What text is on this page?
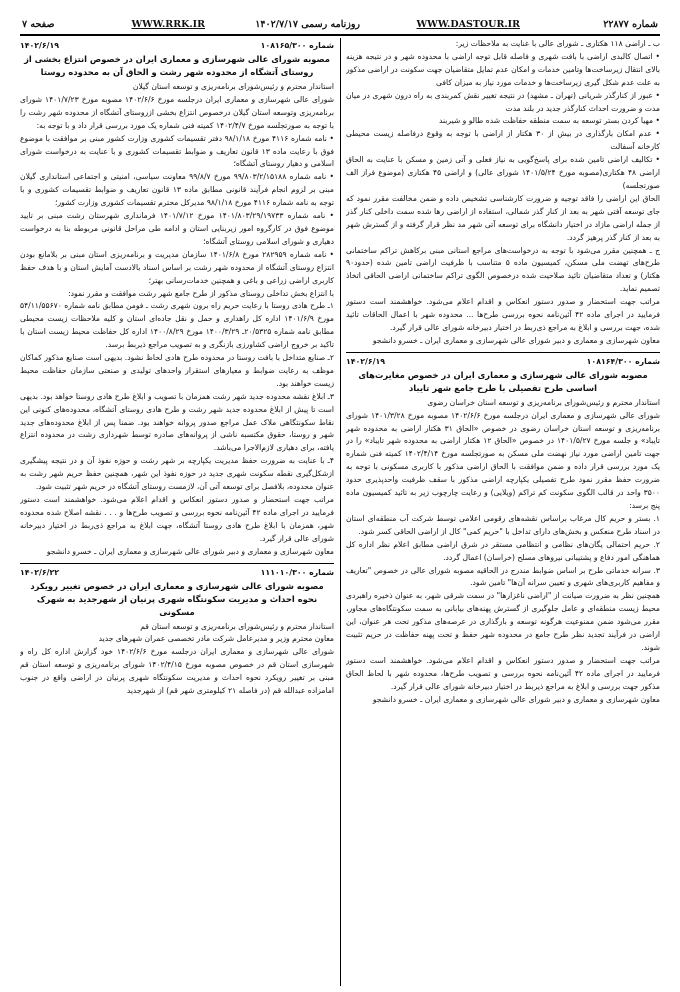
شماره ۲۲۸۷۷
WWW.DASTOUR.IR
روزنامه رسمی ۱۴۰۲/۷/۱۷
WWW.RRK.IR
صفحه ۷

ب ـ اراضی ۱۱۸ هکتاری ـ شورای عالی با عنایت به ملاحظات زیر:

• اتصال کالبدی اراضی با بافت شهری و فاصله قابل توجه اراضی با محدوده شهر و در نتیجه هزینه بالای انتقال زیرساخت‌ها وتامین خدمات و امکان عدم تمایل متقاضیان جهت سکونت در اراضی مذکور به علت عدم شکل گیری زیرساخت‌ها و خدمات مورد نیاز به میزان کافی

• عبور از کنارگذر شریانی (تهران ـ مشهد) در نتیجه تغییر نقش کمربندی به راه درون شهری در میان مدت و ضرورت احداث کنارگذر جدید در بلند مدت

• مهیا کردن بستر توسعه به سمت منطقه حفاظت شده طالو و شیربند

• عدم امکان بارگذاری در بیش از ۳۰ هکتار از اراضی با توجه به وقوع درفاصله زیست محیطی کارخانه آسفالت

• تکالیف اراضی تامین شده برای پاسخ‌گویی به نیاز فعلی و آتی زمین و مسکن با عنایت به الحاق اراضی ۴۸ هکتاری(مصوبه مورخ ۱۴۰۱/۵/۲۴ شورای عالی) و اراضی ۴۵ هکتاری (موضوع فراز الف صورتجلسه)

الحاق این اراضی را فاقد توجیه و ضرورت کارشناسی تشخیص داده و ضمن مخالفت مقرر نمود که جای توسعه آفتی شهر به بعد از کنار گذر شمالی، استفاده از اراضی رها شده سمت داخلی کنار گذر از جمله اراضی مازاد در اختیار دانشگاه برای توسعه آتی شهر مد نظر قرار گرفته و از گسترش شهر به بعد از کنار گذر پرهیز گردد.

ج ـ همچنین مقرر می‌شود با توجه به درخواست‌های مراجع استانی مبنی برکاهش تراکم ساختمانی طرح‌های تهضت ملی مسکن، کمیسیون ماده ۵ متناسب با ظرفیت اراضی تامین شده (حدود۹۰ هکتار) و تعداد متقاضیان تائید صلاحیت شده درخصوص الگوی تراکم ساختمانی اراضی الحاقی اتخاذ تصمیم نماید.

مراتب جهت استحضار و صدور دستور انعکاس و اقدام اعلام می‌شود. خواهشمند است دستور فرمایید در اجرای ماده ۴۲ آئین‌نامه نحوه بررسی طرح‌ها ... محدوده شهر با اعمال الحاقات تائید شده، جهت بررسی و ابلاغ به مراجع ذی‌ربط در اختیار دبیرخانه شورای عالی قرار گیرد.

معاون شهرسازی و معماری و دبیر شورای عالی شهرسازی و معماری ایران ـ خسرو دانشجو

شماره ۱۰۸۱۶۴/۳۰۰
۱۴۰۲/۶/۱۹
مصوبه شورای عالی شهرسازی و معماری ایران در خصوص مغایرت‌های اساسی طرح تفصیلی با طرح جامع شهر تایباد

استاندار محترم و رئیس‌شورای برنامه‌ریزی و توسعه استان خراسان رضوی

شورای عالی شهرسازی و معماری ایران درجلسه مورخ ۱۴۰۲/۶/۶ مصوبه مورخ ۱۴۰۱/۳/۲۸ شورای برنامه‌ریزی و توسعه استان خراسان رضوی در خصوص «الحاق ۳۱ هکتار اراضی به محدوده شهر تایباد» و جلسه مورخ ۱۴۰۱/۵/۲۷ در خصوص «الحاق ۱۲ هکتار اراضی به محدوده شهر تایباد» را در جهت تامین اراضی مورد نیاز نهضت ملی مسکن به صورتجلسه مورخ ۱۴۰۲/۴/۱۴ کمیته فنی شماره یک مورد بررسی قرار داده و ضمن موافقت با الحاق اراضی مذکور با کاربری مسکونی با توجه به ضرورت حفظ مقرر نمود طرح تفصیلی یکپارچه اراضی مذکور با سقف ظرفیت واحدپذیری حدود ۳۵۰۰ واحد در قالب الگوی سکونت کم تراکم (ویلایی) و رعایت چارچوب زیر به تائید کمیسیون ماده پنج برسد:

۱. بستر و حریم کال مرغاب براساس نقشه‌های رقومی اعلامی توسط شرکت آب منطقه‌ای استان در اسناد طرح منعکس و بخش‌های دارای تداخل با "حریم کمی" کال از اراضی الحاقی کسر شود.

۲. حریم احتمالی یگان‌های نظامی و انتظامی مستقر در شرق اراضی مطابق اعلام نظر اداره کل هماهنگی امور دفاع و پشتیبانی نیروهای مسلح (خراسان) اعمال گردد.

۳. سرانه خدماتی طرح بر اساس ضوابط مندرج در الحاقیه مصوبه شورای عالی در خصوص "تعاریف و مفاهیم کاربری‌های شهری و تعیین سرانه آن‌ها" تامین شود.

همچنین نظر به ضرورت صیانت از "اراضی ناغزارها" در سمت شرقی شهر، به عنوان ذخیره راهبردی محیط زیست منطقه‌ای و عامل جلوگیری از گسترش پهنه‌های بیابانی به سمت سکونتگاه‌های مجاور، مقرر می‌شود ضمن ممنوعیت هرگونه توسعه و بارگذاری در عرصه‌های مذکور تحت هر عنوان، این اراضی در فرآیند تجدید نظر طرح جامع در محدوده شهر حفظ و تحت پهنه حفاظت در حریم تثبیت شوند.

مراتب جهت استحضار و صدور دستور انعکاس و اقدام اعلام می‌شود. خواهشمند است دستور فرمایید در اجرای ماده ۴۲ آئین‌نامه نحوه بررسی و تصویب طرح‌ها، محدوده شهر با لحاظ الحاق مذکور جهت بررسی و ابلاغ به مراجع ذیربط در اختیار دبیرخانه شورای عالی قرار گیرد.

معاون شهرسازی و معماری و دبیر شورای عالی شهرسازی و معماری ایران ـ خسرو دانشجو

شماره ۱۰۸۱۶۵/۳۰۰
۱۴۰۲/۶/۱۹
مصوبه شورای عالی شهرسازی و معماری ایران در خصوص انتزاع بخشی از روستای آتشگاه از محدوده شهر رشت و الحاق آن به محدوده روستا

استاندار محترم و رئیس‌شورای برنامه‌ریزی و توسعه استان گیلان

شورای عالی شهرسازی و معماری ایران درجلسه مورخ ۱۴۰۲/۶/۶ مصوبه مورخ ۱۴۰۱/۷/۲۳ شورای برنامه‌ریزی وتوسعه استان گیلان درخصوص انتزاع بخشی ازروستای آتشگاه از محدوده شهر رشت را با توجه به صورتجلسه مورخ ۱۴۰۲/۴/۷ کمیته فنی شماره یک مورد بررسی قرار داد و با توجه به:

• نامه شماره ۴۱۱۶ مورخ ۹۸/۱/۱۸ دفتر تقسیمات کشوری وزارت کشور مبنی بر موافقت با موضوع فوق با رعایت ماده ۱۳ قانون تعاریف و ضوابط تقسیمات کشوری و با عنایت به درخواست شورای اسلامی و دهیار روستای آتشگاه؛

• نامه شماره ۹۹/۸۰۳/۲/۱۵۱۸۸ مورخ ۹۹/۸/۷ معاونت سیاسی، امنیتی و اجتماعی استانداری گیلان مبنی بر لزوم انجام فرآیند قانونی مطابق ماده ۱۳ قانون تعاریف و ضوابط تقسیمات کشوری و با توجه به نامه شماره ۴۱۱۶ مورخ ۹۸/۱/۱۸ مدیرکل محترم تقسیمات کشوری وزارت کشور؛

• نامه شماره ۱۴۰۱/۸۰۳/۲۹/۱۹۷۳۳ مورخ ۱۴۰۱/۷/۱۲ فرمانداری شهرستان رشت مبنی بر تایید موضوع فوق در کارگروه امور زیربنایی استان و ادامه طی مراحل قانونی مربوطه بنا به درخواست دهیاری و شورای اسلامی روستای آتشگاه؛

• نامه شماره ۲۸۲۹۵۹ مورخ ۱۴۰۱/۶/۸ سازمان مدیریت و برنامه‌ریزی استان مبنی بر بلامانع بودن انتزاع روستای آتشگاه از محدوده شهر رشت بر اساس اسناد بالادست آمایش استان و با هدف حفظ کاربری اراضی زراعی و باغی و همچنین خدمات‌رسانی بهتر؛

با انتزاع بخش تداخلی روستای مذکور از طرح جامع شهر رشت موافقت و مقرر نمود:

۱ـ طرح هادی روستا با رعایت حریم راه برون شهری رشت ـ فومن مطابق نامه شماره ۵۴/۱۱/۵۵۶۷۰ مورخ ۱۴۰۱/۶/۹ اداره کل راهداری و حمل و نقل جاده‌ای استان و کلیه ملاحظات زیست محیطی مطابق نامه شماره ۲۰/۵۳۲۵ـ ۱۴۰۰/۳/۲۹ مورخ ۱۴۰۰/۸/۲۹ اداره کل حفاظت محیط زیست استان با تاکید بر خروج اراضی کشاورزی بازنگری و به تصویب مراجع ذیربط برسد.

۲ـ صنایع متداخل با بافت روستا در محدوده طرح هادی لحاظ نشود. بدیهی است صنایع مذکور کماکان موظف به رعایت ضوابط و معیارهای استقرار واحدهای تولیدی و صنعتی سازمان حفاظت محیط زیست خواهند بود.

۳ـ ابلاغ نقشه محدوده جدید شهر رشت همزمان با تصویب و ابلاغ طرح هادی روستا خواهد بود. بدیهی است تا پیش از ابلاغ محدوده جدید شهر رشت و طرح هادی روستای آتشگاه، محدوده‌های کنونی این نقاط سکونتگاهی ملاک عمل مراجع صدور پروانه خواهند بود. ضمنا پس از ابلاغ محدوده‌های جدید شهر و روستا، حقوق مکتسبه ناشی از پروانه‌های صادره توسط شهرداری رشت در محدوده انتزاع یافته، برای دهیاری لازم‌الاجرا می‌باشد.

۴ـ با عنایت به ضرورت حفظ مدیریت یکپارچه بر شهر رشت و حوزه نفوذ آن و در نتیجه پیشگیری ازشکل‌گیری نقطه سکونت شهری جدید در حوزه نفوذ این شهر، همچنین حفظ حریم شهر رشت به عنوان محدوده، بلافصل برای توسعه آتی آن، لازمست روستای آتشگاه در حریم شهر تثبیت شود.

مراتب جهت استحضار و صدور دستور انعکاس و اقدام اعلام می‌شود. خواهشمند است دستور فرمایید در اجرای ماده ۴۲ آئین‌نامه نحوه بررسی و تصویب طرح‌ها و . . . نقشه اصلاح شده محدوده شهر، همزمان با ابلاغ طرح هادی روستا آتشگاه، جهت ابلاغ به مراجع ذی‌ربط در اختیار دبیرخانه شورای عالی قرار گیرد.

معاون شهرسازی و معماری و دبیر شورای عالی شهرسازی و معماری ایران ـ خسرو دانشجو

شماره ۱۱۱۰۱۰/۳۰۰
۱۴۰۲/۶/۲۲
مصوبه شورای عالی شهرسازی و معماری ایران در خصوص تغییر رویکرد نحوه احداث و مدیریت سکونتگاه شهری پرنیان از شهرجدید به شهرک مسکونی

استاندار محترم و رئیس‌شورای برنامه‌ریزی و توسعه استان قم

معاون محترم وزیر و مدیرعامل شرکت مادر تخصصی عمران شهرهای جدید

شورای عالی شهرسازی و معماری ایران درجلسه مورخ ۱۴۰۲/۶/۶ خود گزارش اداره کل راه و شهرسازی استان قم در خصوص مصوبه مورخ ۱۴۰۲/۴/۱۵ شورای برنامه‌ریزی و توسعه استان قم مبنی بر تغییر رویکرد نحوه احداث و مدیریت سکونتگاه شهری پرنیان در اراضی واقع در جنوب امامزاده عبدالله قم (در فاصله ۲۱ کیلومتری شهر قم) از شهرجدید
